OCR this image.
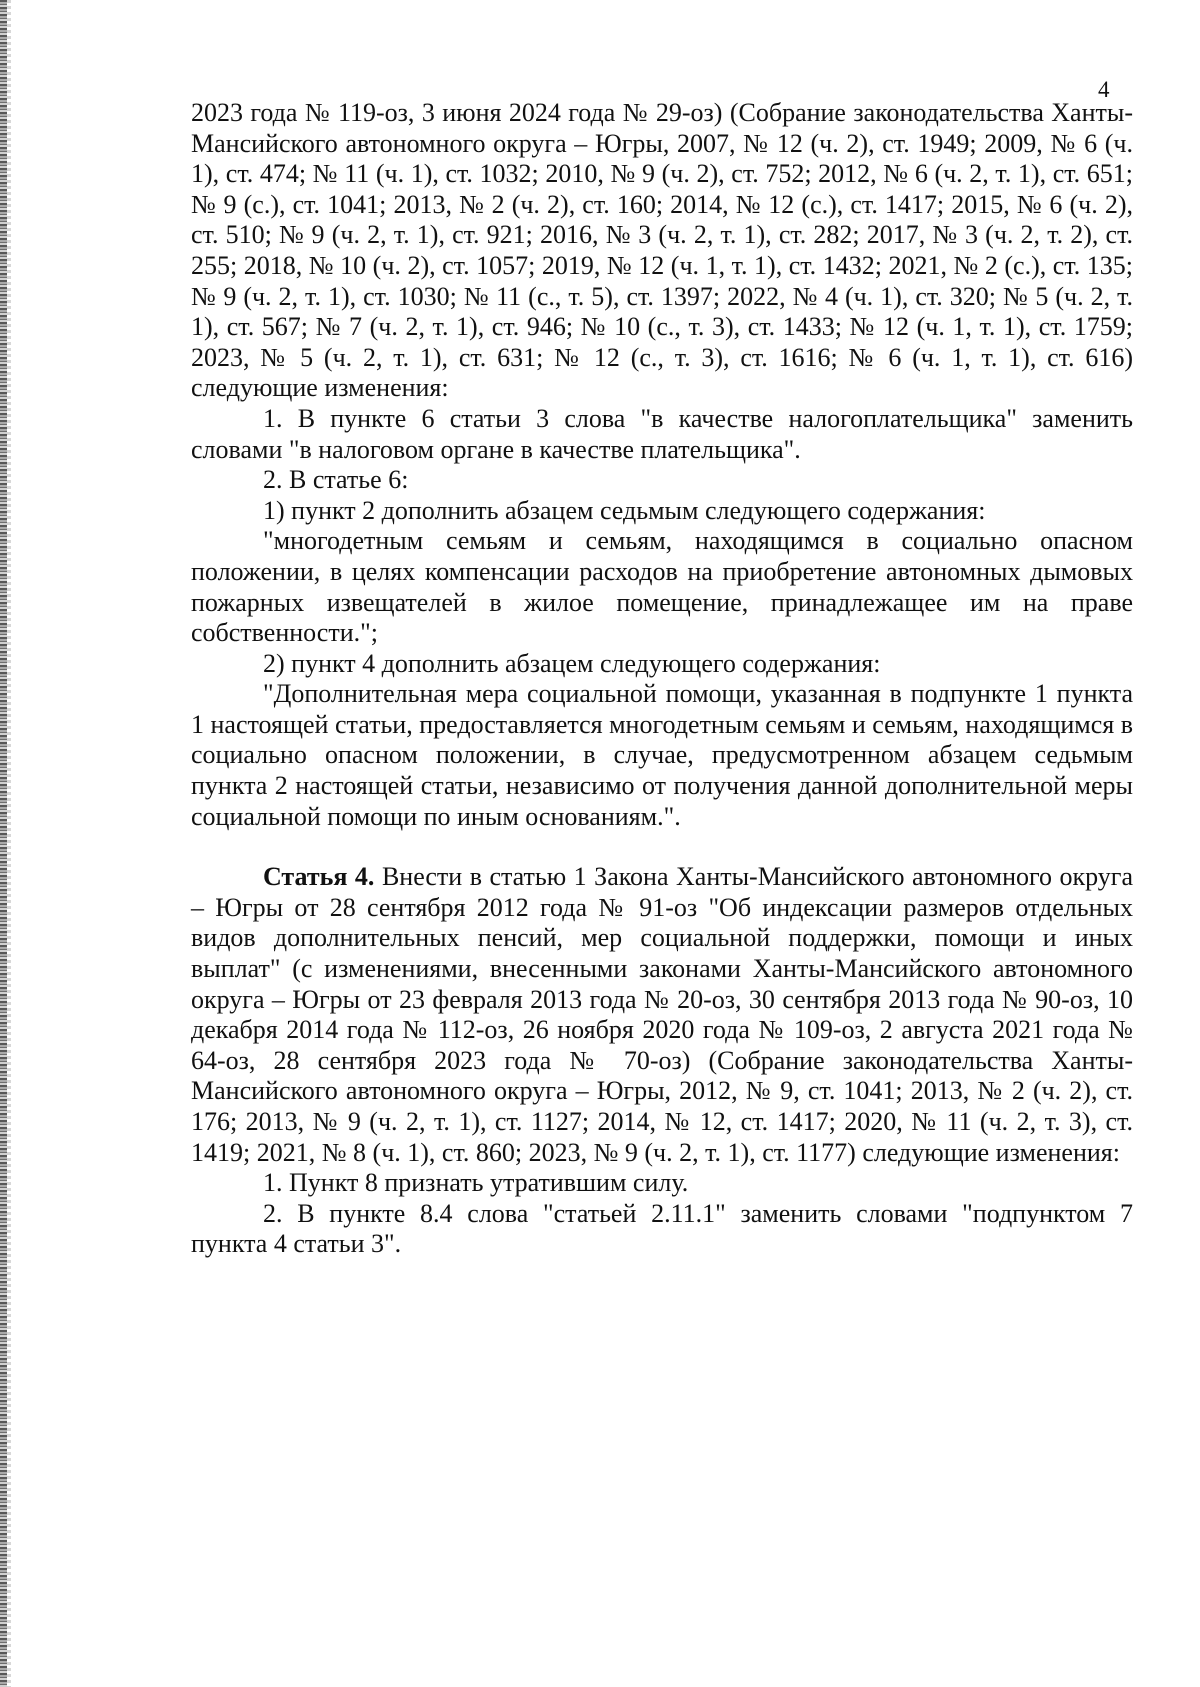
4

2023 года № 119-оз, 3 июня 2024 года № 29-оз) (Собрание законодательства Ханты-Мансийского автономного округа – Югры, 2007, № 12 (ч. 2), ст. 1949; 2009, № 6 (ч. 1), ст. 474; № 11 (ч. 1), ст. 1032; 2010, № 9 (ч. 2), ст. 752; 2012, № 6 (ч. 2, т. 1), ст. 651; № 9 (с.), ст. 1041; 2013, № 2 (ч. 2), ст. 160; 2014, № 12 (с.), ст. 1417; 2015, № 6 (ч. 2), ст. 510; № 9 (ч. 2, т. 1), ст. 921; 2016, № 3 (ч. 2, т. 1), ст. 282; 2017, № 3 (ч. 2, т. 2), ст. 255; 2018, № 10 (ч. 2), ст. 1057; 2019, № 12 (ч. 1, т. 1), ст. 1432; 2021, № 2 (с.), ст. 135; № 9 (ч. 2, т. 1), ст. 1030; № 11 (с., т. 5), ст. 1397; 2022, № 4 (ч. 1), ст. 320; № 5 (ч. 2, т. 1), ст. 567; № 7 (ч. 2, т. 1), ст. 946; № 10 (с., т. 3), ст. 1433; № 12 (ч. 1, т. 1), ст. 1759; 2023, № 5 (ч. 2, т. 1), ст. 631; № 12 (с., т. 3), ст. 1616; № 6 (ч. 1, т. 1), ст. 616) следующие изменения:

1. В пункте 6 статьи 3 слова "в качестве налогоплательщика" заменить словами "в налоговом органе в качестве плательщика".

2. В статье 6:

1) пункт 2 дополнить абзацем седьмым следующего содержания:

"многодетным семьям и семьям, находящимся в социально опасном положении, в целях компенсации расходов на приобретение автономных дымовых пожарных извещателей в жилое помещение, принадлежащее им на праве собственности.";

2) пункт 4 дополнить абзацем следующего содержания:

"Дополнительная мера социальной помощи, указанная в подпункте 1 пункта 1 настоящей статьи, предоставляется многодетным семьям и семьям, находящимся в социально опасном положении, в случае, предусмотренном абзацем седьмым пункта 2 настоящей статьи, независимо от получения данной дополнительной меры социальной помощи по иным основаниям.".

Статья 4. Внести в статью 1 Закона Ханты-Мансийского автономного округа – Югры от 28 сентября 2012 года № 91-оз "Об индексации размеров отдельных видов дополнительных пенсий, мер социальной поддержки, помощи и иных выплат" (с изменениями, внесенными законами Ханты-Мансийского автономного округа – Югры от 23 февраля 2013 года № 20-оз, 30 сентября 2013 года № 90-оз, 10 декабря 2014 года № 112-оз, 26 ноября 2020 года № 109-оз, 2 августа 2021 года № 64-оз, 28 сентября 2023 года № 70-оз) (Собрание законодательства Ханты-Мансийского автономного округа – Югры, 2012, № 9, ст. 1041; 2013, № 2 (ч. 2), ст. 176; 2013, № 9 (ч. 2, т. 1), ст. 1127; 2014, № 12, ст. 1417; 2020, № 11 (ч. 2, т. 3), ст. 1419; 2021, № 8 (ч. 1), ст. 860; 2023, № 9 (ч. 2, т. 1), ст. 1177) следующие изменения:

1. Пункт 8 признать утратившим силу.

2. В пункте 8.4 слова "статьей 2.11.1" заменить словами "подпунктом 7 пункта 4 статьи 3".
